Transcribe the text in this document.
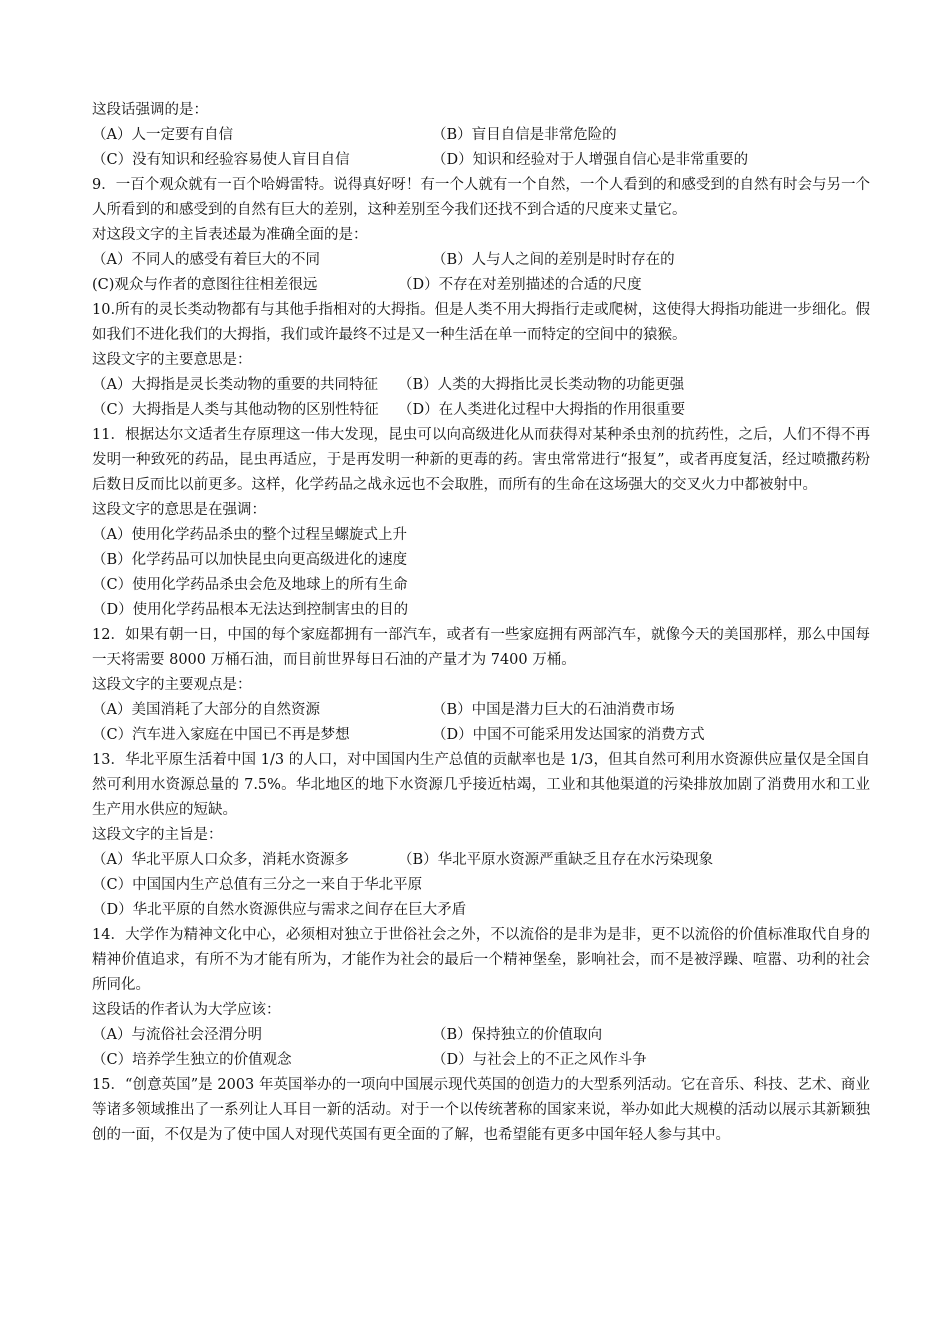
这段话强调的是：

（A）人一定要有自信	（B）盲目自信是非常危险的
（C）没有知识和经验容易使人盲目自信	（D）知识和经验对于人增强自信心是非常重要的

9．一百个观众就有一百个哈姆雷特。说得真好呀！有一个人就有一个自然，一个人看到的和感受到的自然有时会与另一个人所看到的和感受到的自然有巨大的差别，这种差别至今我们还找不到合适的尺度来丈量它。

对这段文字的主旨表述最为准确全面的是：

（A）不同人的感受有着巨大的不同	（B）人与人之间的差别是时时存在的
(C)观众与作者的意图往往相差很远	（D）不存在对差别描述的合适的尺度

10.所有的灵长类动物都有与其他手指相对的大拇指。但是人类不用大拇指行走或爬树，这使得大拇指功能进一步细化。假如我们不进化我们的大拇指，我们或许最终不过是又一种生活在单一而特定的空间中的猿猴。

这段文字的主要意思是：

（A）大拇指是灵长类动物的重要的共同特征	（B）人类的大拇指比灵长类动物的功能更强
（C）大拇指是人类与其他动物的区别性特征	（D）在人类进化过程中大拇指的作用很重要

11．根据达尔文适者生存原理这一伟大发现，昆虫可以向高级进化从而获得对某种杀虫剂的抗药性，之后，人们不得不再发明一种致死的药品，昆虫再适应，于是再发明一种新的更毒的药。害虫常常进行“报复”，或者再度复活，经过喷撒药粉后数日反而比以前更多。这样，化学药品之战永远也不会取胜，而所有的生命在这场强大的交叉火力中都被射中。

这段文字的意思是在强调：

（A）使用化学药品杀虫的整个过程呈螺旋式上升

（B）化学药品可以加快昆虫向更高级进化的速度

（C）使用化学药品杀虫会危及地球上的所有生命

（D）使用化学药品根本无法达到控制害虫的目的

12．如果有朝一日，中国的每个家庭都拥有一部汽车，或者有一些家庭拥有两部汽车，就像今天的美国那样，那么中国每一天将需要 8000 万桶石油，而目前世界每日石油的产量才为 7400 万桶。

这段文字的主要观点是：

（A）美国消耗了大部分的自然资源	（B）中国是潜力巨大的石油消费市场
（C）汽车进入家庭在中国已不再是梦想	（D）中国不可能采用发达国家的消费方式

13．华北平原生活着中国 1/3 的人口，对中国国内生产总值的贡献率也是 1/3，但其自然可利用水资源供应量仅是全国自然可利用水资源总量的 7.5%。华北地区的地下水资源几乎接近枯竭，工业和其他渠道的污染排放加剧了消费用水和工业生产用水供应的短缺。

这段文字的主旨是：

（A）华北平原人口众多，消耗水资源多	（B）华北平原水资源严重缺乏且存在水污染现象

（C）中国国内生产总值有三分之一来自于华北平原

（D）华北平原的自然水资源供应与需求之间存在巨大矛盾

14．大学作为精神文化中心，必须相对独立于世俗社会之外，不以流俗的是非为是非，更不以流俗的价值标准取代自身的精神价值追求，有所不为才能有所为，才能作为社会的最后一个精神堡垒，影响社会，而不是被浮躁、喧嚣、功利的社会所同化。

这段话的作者认为大学应该：

（A）与流俗社会泾渭分明	（B）保持独立的价值取向
（C）培养学生独立的价值观念	（D）与社会上的不正之风作斗争

15．“创意英国”是 2003 年英国举办的一项向中国展示现代英国的创造力的大型系列活动。它在音乐、科技、艺术、商业等诸多领域推出了一系列让人耳目一新的活动。对于一个以传统著称的国家来说，举办如此大规模的活动以展示其新颖独创的一面，不仅是为了使中国人对现代英国有更全面的了解，也希望能有更多中国年轻人参与其中。
